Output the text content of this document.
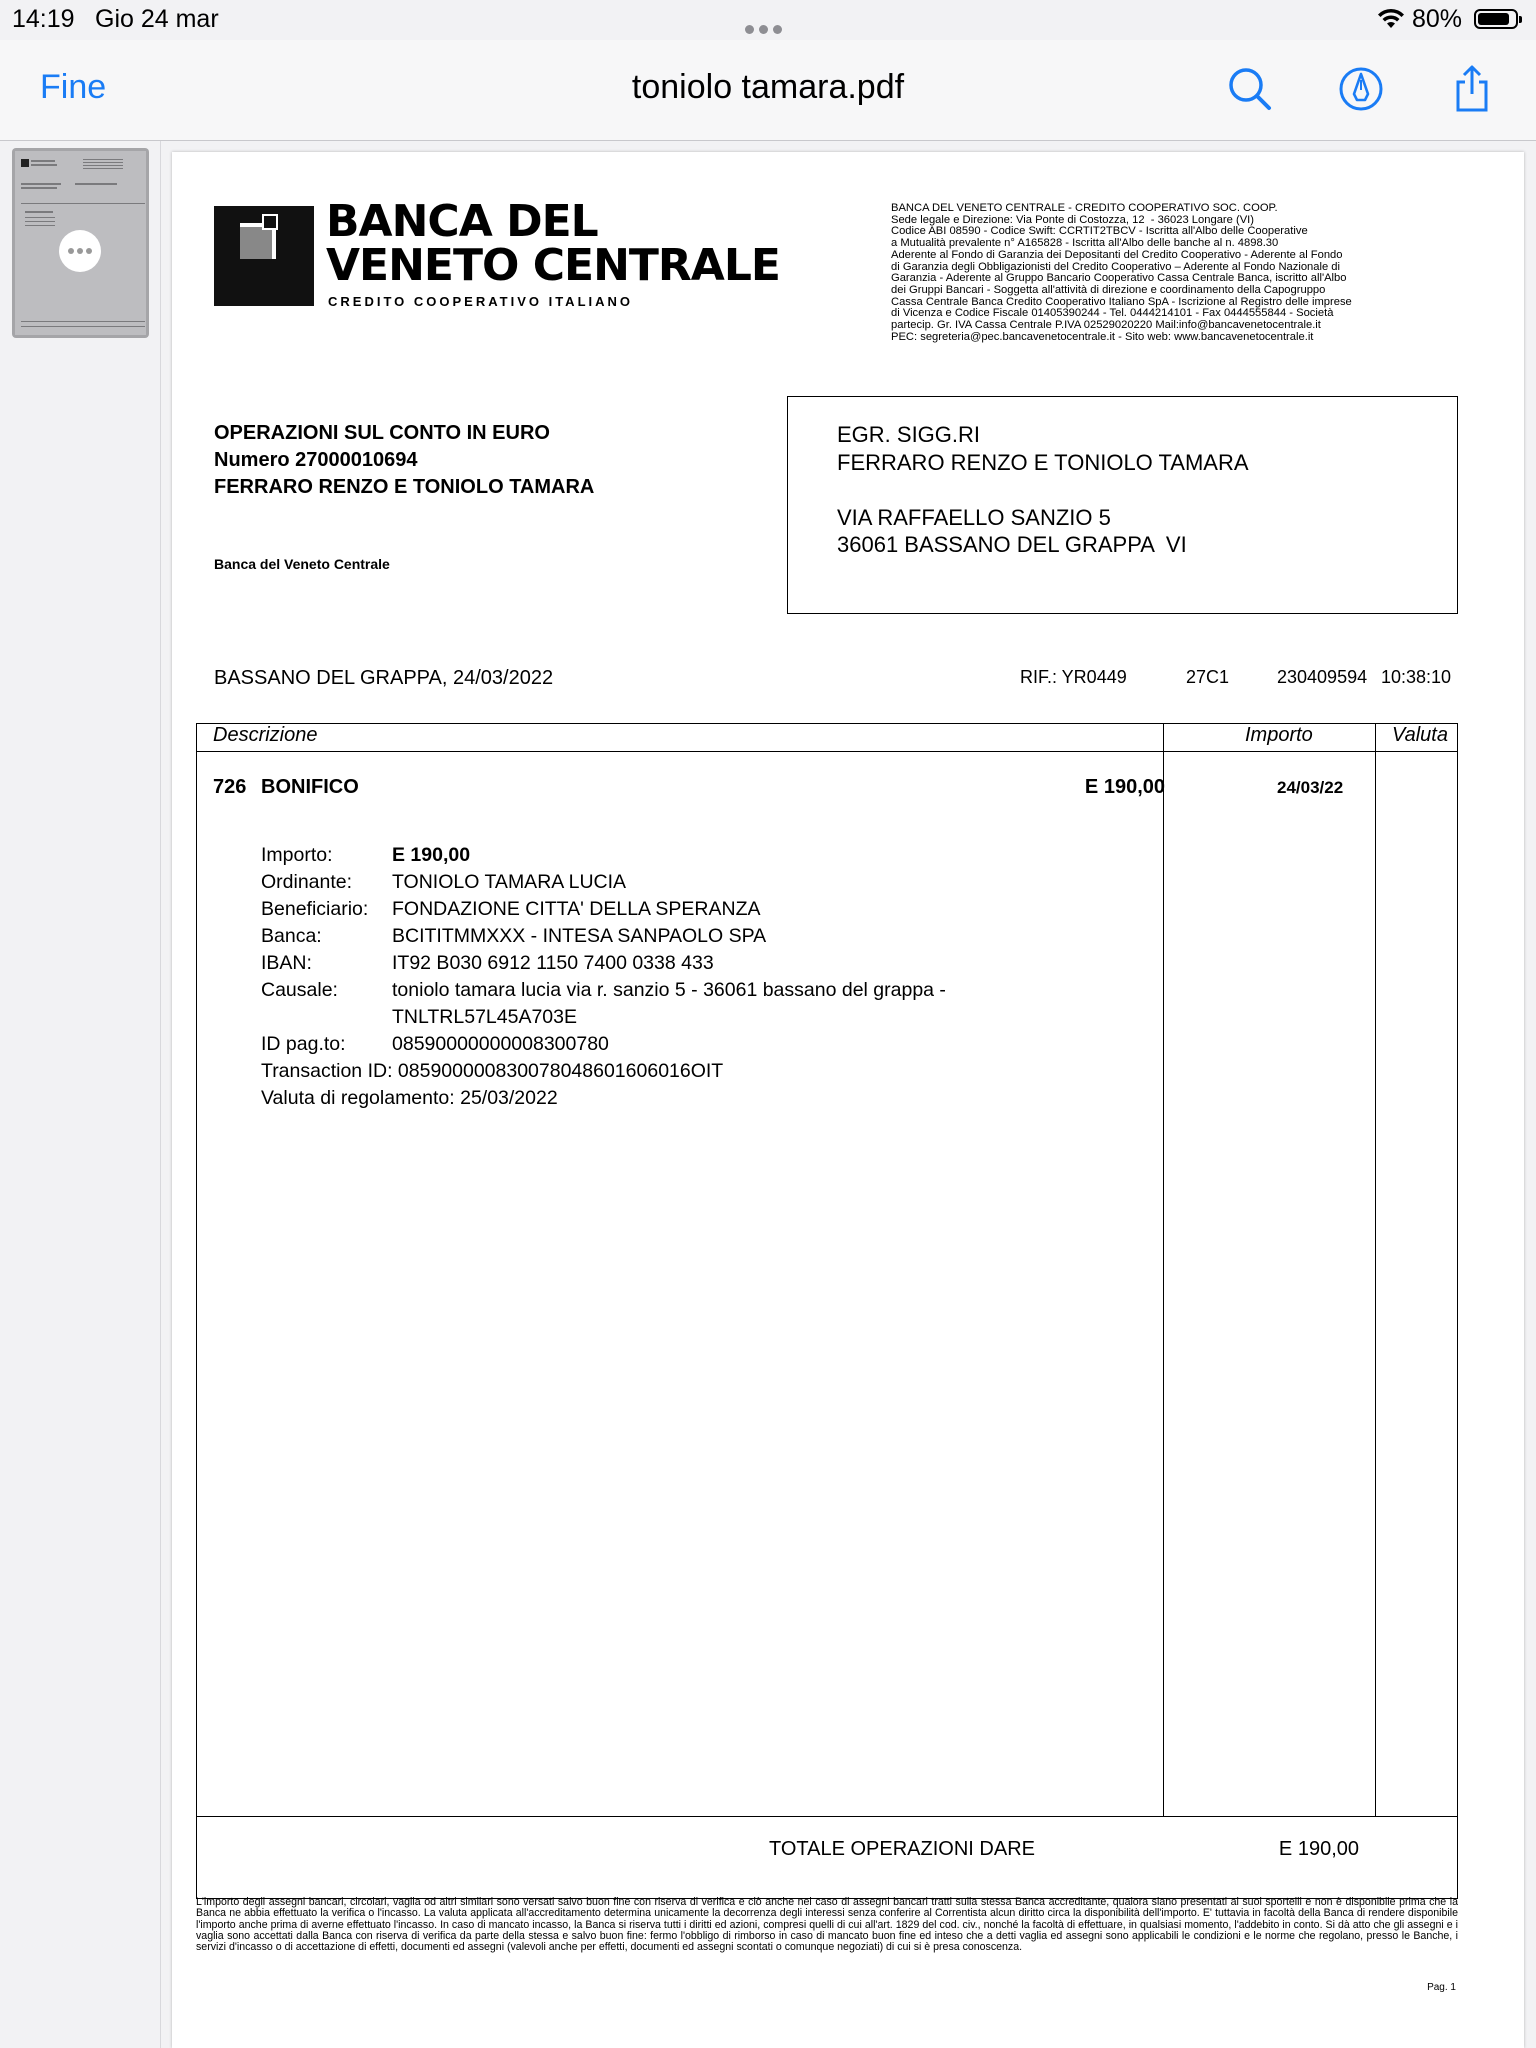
14:19 Gio 24 mar	80%
Fine	toniolo tamara.pdf
BANCA DEL
VENETO CENTRALE
CREDITO COOPERATIVO ITALIANO
BANCA DEL VENETO CENTRALE - CREDITO COOPERATIVO SOC. COOP.
Sede legale e Direzione: Via Ponte di Costozza, 12  - 36023 Longare (VI)
Codice ABI 08590 - Codice Swift: CCRTIT2TBCV - Iscritta all'Albo delle Cooperative
a Mutualità prevalente n° A165828 - Iscritta all'Albo delle banche al n. 4898.30
Aderente al Fondo di Garanzia dei Depositanti del Credito Cooperativo - Aderente al Fondo
di Garanzia degli Obbligazionisti del Credito Cooperativo – Aderente al Fondo Nazionale di
Garanzia - Aderente al Gruppo Bancario Cooperativo Cassa Centrale Banca, iscritto all'Albo
dei Gruppi Bancari - Soggetta all'attività di direzione e coordinamento della Capogruppo
Cassa Centrale Banca Credito Cooperativo Italiano SpA - Iscrizione al Registro delle imprese
di Vicenza e Codice Fiscale 01405390244 - Tel. 0444214101 - Fax 0444555844 - Società
partecip. Gr. IVA Cassa Centrale P.IVA 02529020220 Mail:info@bancavenetocentrale.it
PEC: segreteria@pec.bancavenetocentrale.it - Sito web: www.bancavenetocentrale.it
OPERAZIONI SUL CONTO IN EURO
Numero 27000010694
FERRARO RENZO E TONIOLO TAMARA
Banca del Veneto Centrale
EGR. SIGG.RI
FERRARO RENZO E TONIOLO TAMARA

VIA RAFFAELLO SANZIO 5
36061 BASSANO DEL GRAPPA  VI
BASSANO DEL GRAPPA, 24/03/2022	RIF.: YR0449	27C1	230409594 10:38:10
Descrizione	Importo	Valuta
726 BONIFICO	E 190,00	24/03/22
Importo:	E 190,00
Ordinante: TONIOLO TAMARA LUCIA
Beneficiario: FONDAZIONE CITTA' DELLA SPERANZA
Banca:	BCITITMMXXX - INTESA SANPAOLO SPA
IBAN:	IT92 B030 6912 1150 7400 0338 433
Causale:	toniolo tamara lucia via r. sanzio 5 - 36061 bassano del grappa -
TNLTRL57L45A703E
ID pag.to: 08590000000008300780
Transaction ID: 085900000830078048601606016OIT
Valuta di regolamento: 25/03/2022
TOTALE OPERAZIONI DARE	E 190,00
L'importo degli assegni bancari, circolari, vaglia od altri similari sono versati salvo buon fine con riserva di verifica e ciò anche nel caso di assegni bancari tratti sulla stessa Banca accreditante, qualora siano presentati ai suoi sportelli e non è disponibile prima che la Banca ne abbia effettuato la verifica o l'incasso. La valuta applicata all'accreditamento determina unicamente la decorrenza degli interessi senza conferire al Correntista alcun diritto circa la disponibilità dell'importo. E' tuttavia in facoltà della Banca di rendere disponibile l'importo anche prima di averne effettuato l'incasso. In caso di mancato incasso, la Banca si riserva tutti i diritti ed azioni, compresi quelli di cui all'art. 1829 del cod. civ., nonché la facoltà di effettuare, in qualsiasi momento, l'addebito in conto. Si dà atto che gli assegni e i vaglia sono accettati dalla Banca con riserva di verifica da parte della stessa e salvo buon fine: fermo l'obbligo di rimborso in caso di mancato buon fine ed inteso che a detti vaglia ed assegni sono applicabili le condizioni e le norme che regolano, presso le Banche, i servizi d'incasso o di accettazione di effetti, documenti ed assegni (valevoli anche per effetti, documenti ed assegni scontati o comunque negoziati) di cui si è presa conoscenza.
Pag. 1
